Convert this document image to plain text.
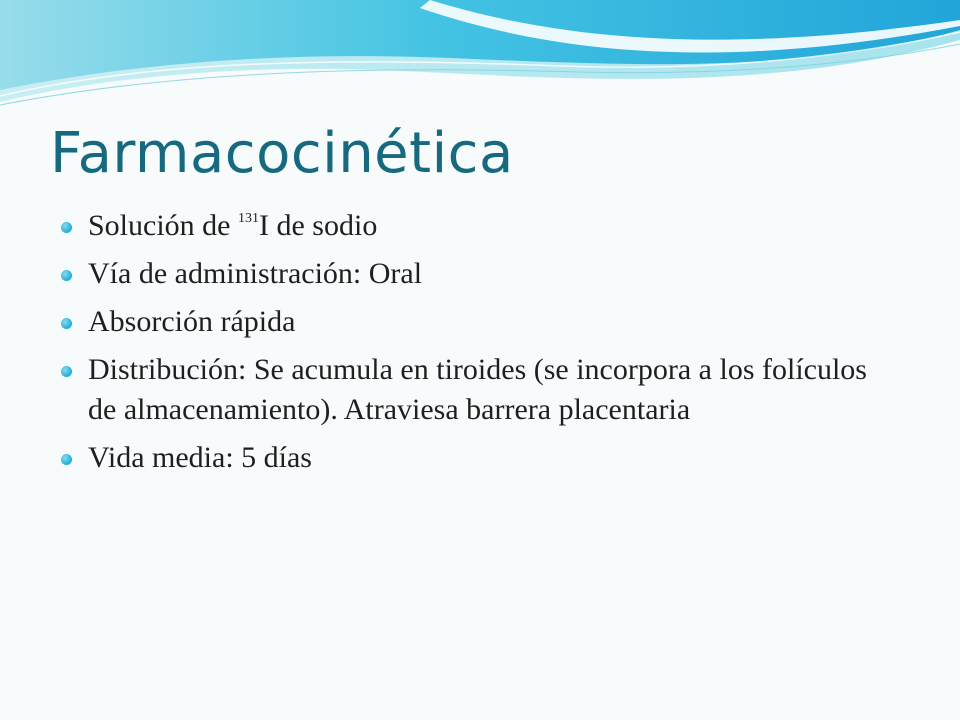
Farmacocinética
Solución de $^{131}$I de sodio
Vía de administración: Oral
Absorción rápida
Distribución: Se acumula en tiroides (se incorpora a los folículos de almacenamiento). Atraviesa barrera placentaria
Vida media: 5 días
